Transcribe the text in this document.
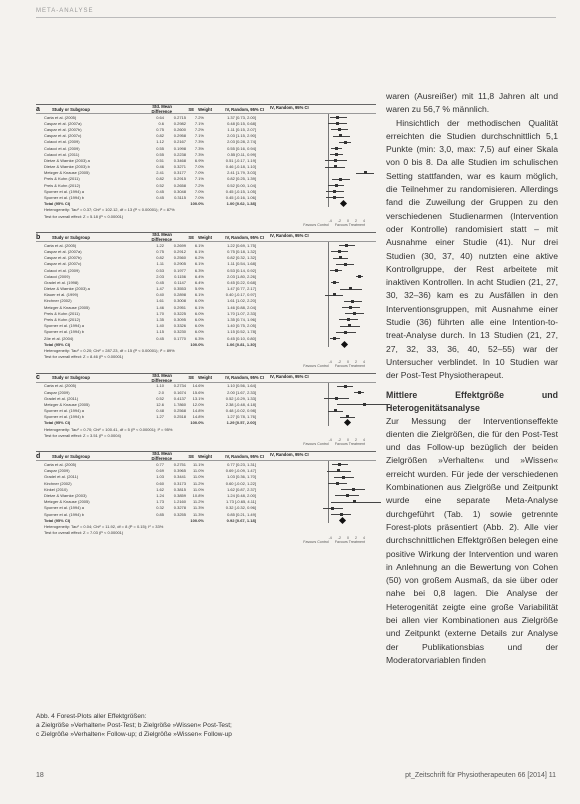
META-ANALYSE
a	Study or Subgroup	Std. Mean Difference	SE Weight	IV, Random, 95% CI	IV, Random, 95% CI
Carta et al. (2005)	0.64	0.2715	7.2%	1.37 [0.73, 2.00]
Caspar et al. (2007a)	0.6	0.2982	7.1%	0.48 [0.15, 0.68]
Caspar et al. (2007b)	0.75	0.2600	7.2%	1.11 [0.15, 2.07]
Caspar et al. (2007c)	0.82	0.2958	7.1%	2.03 [1.15, 2.90]
Colacci et al. (2009)	1.12	0.2167	7.3%	2.03 [0.28, 2.74]
Colacci et al. (2009)	0.55	0.1998	7.3%	0.55 [0.16, 0.94]
Colacci et al. (2011)	0.55	0.2238	7.3%	0.55 [0.11, 0.99]
Dietze & Warnke (2003) a	0.51	0.3468	6.9%	0.51 [-0.17, 1.19]
Dietze & Warnke (2003) b	0.46	0.3271	7.0%	0.46 [-0.18, 1.10]
Metzger & Knause (2005)	2.41	0.3177	7.0%	2.41 [1.79, 3.03]
Preis & Kuhn (2011)	0.82	0.2915	7.1%	0.82 [0.25, 1.39]
Preis & Kuhn (2012)	0.52	0.2658	7.2%	0.52 [0.00, 1.04]
Sporner et al. (1994) a	0.45	0.3048	7.0%	0.45 [-0.15, 1.05]
Sporner et al. (1994) b	0.45	0.3115	7.0%	0.45 [-0.16, 1.06]
Total (95% CI)	100.0%	1.00 [0.62, 1.38]
Heterogeneity: Tau² = 0.37; Chi² = 102.12, df = 13 (P < 0.00001); I² = 87%
Test for overall effect: Z = 5.18 (P < 0.00001)
-4 -2 0 2 4
Favours Control Favours Treatment
b	Study or Subgroup	Std. Mean Difference	SE Weight	IV, Random, 95% CI	IV, Random, 95% CI
Carta et al. (2005)	1.22	0.2699	6.1%	1.22 [0.69, 1.75]
Caspar et al. (2007a)	0.75	0.2912	6.1%	0.75 [0.18, 1.32]
Caspar et al. (2007b)	0.82	0.2560	6.2%	0.82 [0.32, 1.32]
Caspar et al. (2007c)	1.11	0.2905	6.1%	1.11 [0.54, 1.68]
Colacci et al. (2009)	0.53	0.1977	6.3%	0.53 [0.14, 0.92]
Colacci (2009)	2.03	0.1156	6.4%	2.03 [1.80, 2.26]
Gradel et al. (1998)	0.45	0.1147	6.4%	0.45 [0.22, 0.68]
Dietze & Warnke (2003) a	1.47	0.3553	5.9%	1.47 [0.77, 2.17]
Klauer et al. (1999)	0.40	0.2898	6.1%	0.40 [-0.17, 0.97]
Kirchner (2002)	1.61	0.3008	6.0%	1.61 [1.02, 2.20]
Metzger & Knause (2005)	1.46	0.2951	6.1%	1.46 [0.88, 2.04]
Preis & Kuhn (2011)	1.70	0.3225	6.0%	1.70 [1.07, 2.33]
Preis & Kuhn (2012)	1.35	0.3095	6.0%	1.35 [0.74, 1.96]
Sporner et al. (1994) a	1.40	0.3326	6.0%	1.40 [0.75, 2.05]
Sporner et al. (1994) b	1.15	0.3230	6.0%	1.15 [0.52, 1.78]
Zöe et al. (2004)	0.45	0.1770	6.3%	0.45 [0.10, 0.80]
Total (95% CI)	100.0%	1.06 [0.81, 1.30]
Heterogeneity: Tau² = 0.20; Chi² = 287.23, df = 15 (P < 0.00001); I² = 89%
Test for overall effect: Z = 8.46 (P < 0.00001)
-4 -2 0 2 4
Favours Control Favours Treatment
c	Study or Subgroup	Std. Mean Difference	SE Weight	IV, Random, 95% CI	IV, Random, 95% CI
Carta et al. (2005)	1.10	0.2734	14.6%	1.10 [0.56, 1.64]
Caspar (2009)	2.0	0.1674	15.6%	2.00 [1.67, 2.33]
Gradel et al. (2011)	0.52	0.4137	13.1%	0.52 [-0.29, 1.33]
Metzger & Knause (2005)	12.6	1.7860	12.0%	2.38 [-0.48, 4.18]
Sporner et al. (1994) a	0.48	0.2568	14.8%	0.48 [-0.02, 0.98]
Sporner et al. (1994) b	1.27	0.2518	14.8%	1.27 [0.78, 1.76]
Total (95% CI)	100.0%	1.29 [0.57, 2.00]
Heterogeneity: Tau² = 0.70; Chi² = 100.41, df = 5 (P < 0.00001); I² = 95%
Test for overall effect: Z = 3.51 (P = 0.0004)
-4 -2 0 2 4
Favours Control Favours Treatment
d	Study or Subgroup	Std. Mean Difference	SE Weight	IV, Random, 95% CI	IV, Random, 95% CI
Carta et al. (2005)	0.77	0.2751	11.1%	0.77 [0.23, 1.31]
Caspar (2009)	0.69	0.3965	11.0%	0.69 [-0.09, 1.47]
Gradel et al. (2011)	1.03	0.3441	11.0%	1.03 [0.36, 1.70]
Kirchner (2002)	0.60	0.3173	11.2%	0.60 [-0.02, 1.22]
Kinkel (2010)	1.62	0.3815	11.0%	1.62 [0.87, 2.37]
Dietze & Warnke (2003)	1.24	0.3859	10.8%	1.24 [0.48, 2.00]
Metzger & Knause (2005)	1.73	1.2160	11.2%	1.73 [-0.65, 4.11]
Sporner et al. (1994) a	0.32	0.3278	11.3%	0.32 [-0.32, 0.96]
Sporner et al. (1994) b	0.85	0.3255	11.3%	0.85 [0.21, 1.49]
Total (95% CI)	100.0%	0.92 [0.67, 1.18]
Heterogeneity: Tau² = 0.04; Chi² = 11.92, df = 8 (P = 0.15); I² = 33%
Test for overall effect: Z = 7.03 (P < 0.00001)
-4 -2 0 2 4
Favours Control Favours Treatment
Abb. 4 Forest-Plots aller Effektgrößen:
a Zielgröße »Verhalten« Post-Test; b Zielgröße »Wissen« Post-Test;
c Zielgröße »Verhalten« Follow-up; d Zielgröße »Wissen« Follow-up

waren (Ausreißer) mit 11,8 Jahren alt und waren zu 56,7 % männlich.

Hinsichtlich der methodischen Qualität erreichten die Studien durchschnittlich 5,1 Punkte (min: 3,0, max: 7,5) auf einer Skala von 0 bis 8. Da alle Studien im schulischen Setting stattfanden, war es kaum möglich, die Teilnehmer zu randomisieren. Allerdings fand die Zuweilung der Gruppen zu den verschiedenen Studienarmen (Intervention oder Kontrolle) randomisiert statt – mit Ausnahme einer Studie (41). Nur drei Studien (30, 37, 40) nutzten eine aktive Kontrollgruppe, der Rest arbeitete mit inaktiven Kontrollen. In acht Studien (21, 27, 30, 32–36) kam es zu Ausfällen in den Interventionsgruppen, mit Ausnahme einer Studie (36) führten alle eine Intention-to-treat-Analyse durch. In 13 Studien (21, 27, 27, 32, 33, 36, 40, 52–55) war der Untersucher verblindet. In 10 Studien war der Post-Test Physiotherapeut.

Mittlere Effektgröße und Heterogenitätsanalyse

Zur Messung der Interventionseffekte dienten die Zielgrößen, die für den Post-Test und das Follow-up bezüglich der beiden Zielgrößen »Verhalten« und »Wissen« erreicht wurden. Für jede der verschiedenen Kombinationen aus Zielgröße und Zeitpunkt wurde eine separate Meta-Analyse durchgeführt (Tab. 1) sowie getrennte Forest-plots präsentiert (Abb. 2). Alle vier durchschnittlichen Effektgrößen belegen eine positive Wirkung der Intervention und waren in Anlehnung an die Bewertung von Cohen (50) von großem Ausmaß, da sie über oder nahe bei 0,8 lagen. Die Analyse der Heterogenität zeigte eine große Variabilität bei allen vier Kombinationen aus Zielgröße und Zeitpunkt (externe Details zur Analyse der Publikationsbias und der Moderatorvariablen finden

18	pt_Zeitschrift für Physiotherapeuten 66 [2014] 11
